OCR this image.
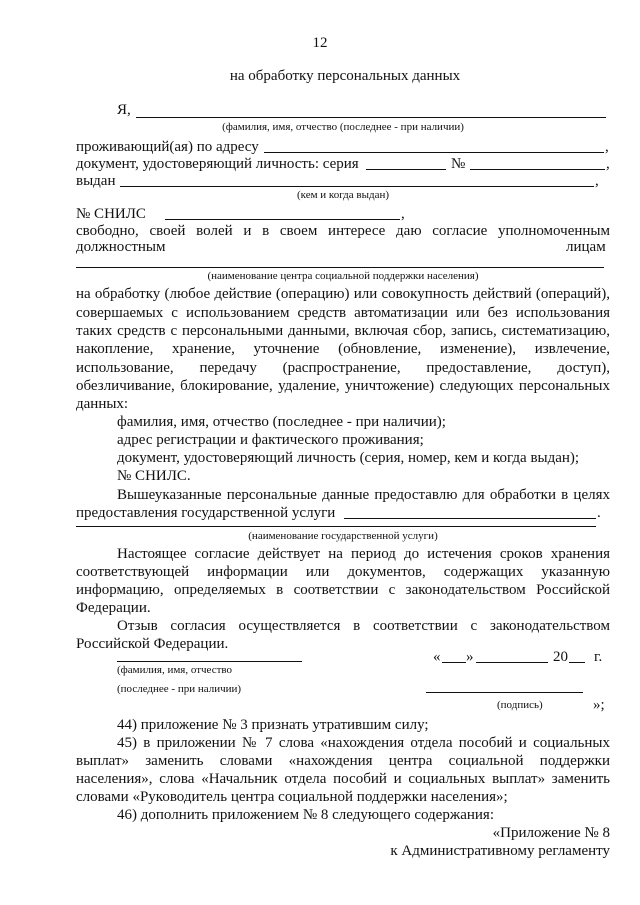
12
на обработку персональных данных
Я,
(фамилия, имя, отчество (последнее - при наличии)
проживающий(ая) по адресу	,
документ, удостоверяющий личность: серия	№	,
выдан	,
(кем и когда выдан)
№ СНИЛС	,
свободно, своей волей и в своем интересе даю согласие уполномоченным
должностным	лицам
(наименование центра социальной поддержки населения)
на обработку (любое действие (операцию) или совокупность действий (операций),
совершаемых с использованием средств автоматизации или без использования
таких средств с персональными данными, включая сбор, запись, систематизацию,
накопление, хранение, уточнение (обновление, изменение), извлечение,
использование, передачу (распространение, предоставление, доступ),
обезличивание, блокирование, удаление, уничтожение) следующих персональных
данных:
фамилия, имя, отчество (последнее - при наличии);
адрес регистрации и фактического проживания;
документ, удостоверяющий личность (серия, номер, кем и когда выдан);
№ СНИЛС.
Вышеуказанные персональные данные предоставлю для обработки в целях
предоставления государственной услуги	.
(наименование государственной услуги)
Настоящее согласие действует на период до истечения сроков хранения
соответствующей информации или документов, содержащих указанную
информацию, определяемых в соответствии с законодательством Российской
Федерации.
Отзыв согласия осуществляется в соответствии с законодательством
Российской Федерации.
« »	20 г.
(фамилия, имя, отчество
(последнее - при наличии)
(подпись)	»;
44) приложение № 3 признать утратившим силу;
45) в приложении № 7 слова «нахождения отдела пособий и социальных
выплат» заменить словами «нахождения центра социальной поддержки
населения», слова «Начальник отдела пособий и социальных выплат» заменить
словами «Руководитель центра социальной поддержки населения»;
46) дополнить приложением № 8 следующего содержания:
«Приложение № 8
к Административному регламенту
